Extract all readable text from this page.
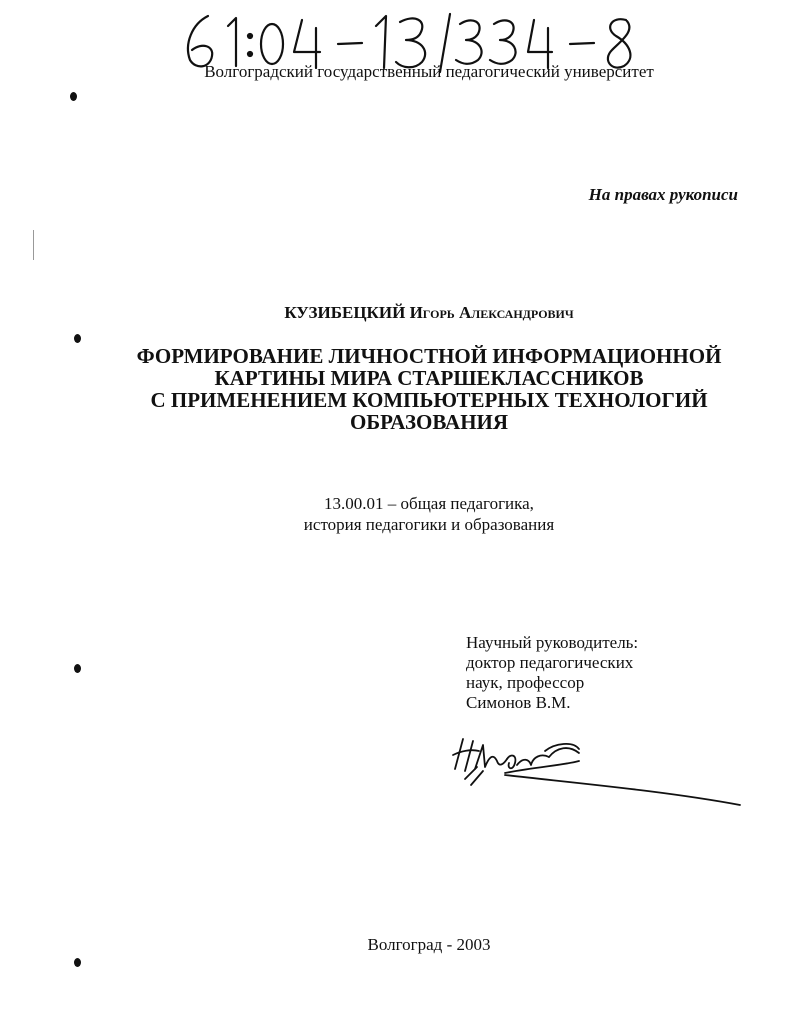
Волгоградский государственный педагогический университет
На правах рукописи
КУЗИБЕЦКИЙ Игорь Александрович
ФОРМИРОВАНИЕ ЛИЧНОСТНОЙ ИНФОРМАЦИОННОЙ
КАРТИНЫ МИРА СТАРШЕКЛАССНИКОВ
С ПРИМЕНЕНИЕМ КОМПЬЮТЕРНЫХ ТЕХНОЛОГИЙ
ОБРАЗОВАНИЯ
13.00.01 – общая педагогика,
история педагогики и образования
Научный руководитель:
доктор педагогических
наук, профессор
Симонов В.М.
Волгоград - 2003
